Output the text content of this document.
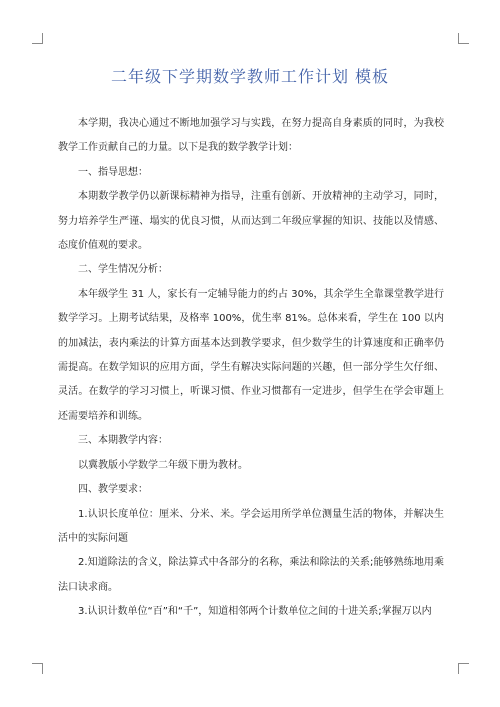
二年级下学期数学教师工作计划 模板

本学期，我决心通过不断地加强学习与实践，在努力提高自身素质的同时，为我校教学工作贡献自己的力量。以下是我的数学教学计划：

一、指导思想：

本期数学教学仍以新课标精神为指导，注重有创新、开放精神的主动学习，同时，努力培养学生严谨、塌实的优良习惯，从而达到二年级应掌握的知识、技能以及情感、态度价值观的要求。

二、学生情况分析：

本年级学生 31 人，家长有一定辅导能力的约占 30%，其余学生全靠课堂教学进行数学学习。上期考试结果，及格率 100%，优生率 81%。总体来看，学生在 100 以内的加减法，表内乘法的计算方面基本达到教学要求，但少数学生的计算速度和正确率仍需提高。在数学知识的应用方面，学生有解决实际问题的兴趣，但一部分学生欠仔细、灵活。在数学的学习习惯上，听课习惯、作业习惯都有一定进步，但学生在学会审题上还需要培养和训练。

三、本期教学内容：

以冀教版小学数学二年级下册为教材。

四、教学要求：

1.认识长度单位：厘米、分米、米。学会运用所学单位测量生活的物体，并解决生活中的实际问题

2.知道除法的含义，除法算式中各部分的名称，乘法和除法的关系;能够熟练地用乘法口诀求商。

3.认识计数单位“百”和“千”，知道相邻两个计数单位之间的十进关系;掌握万以内
